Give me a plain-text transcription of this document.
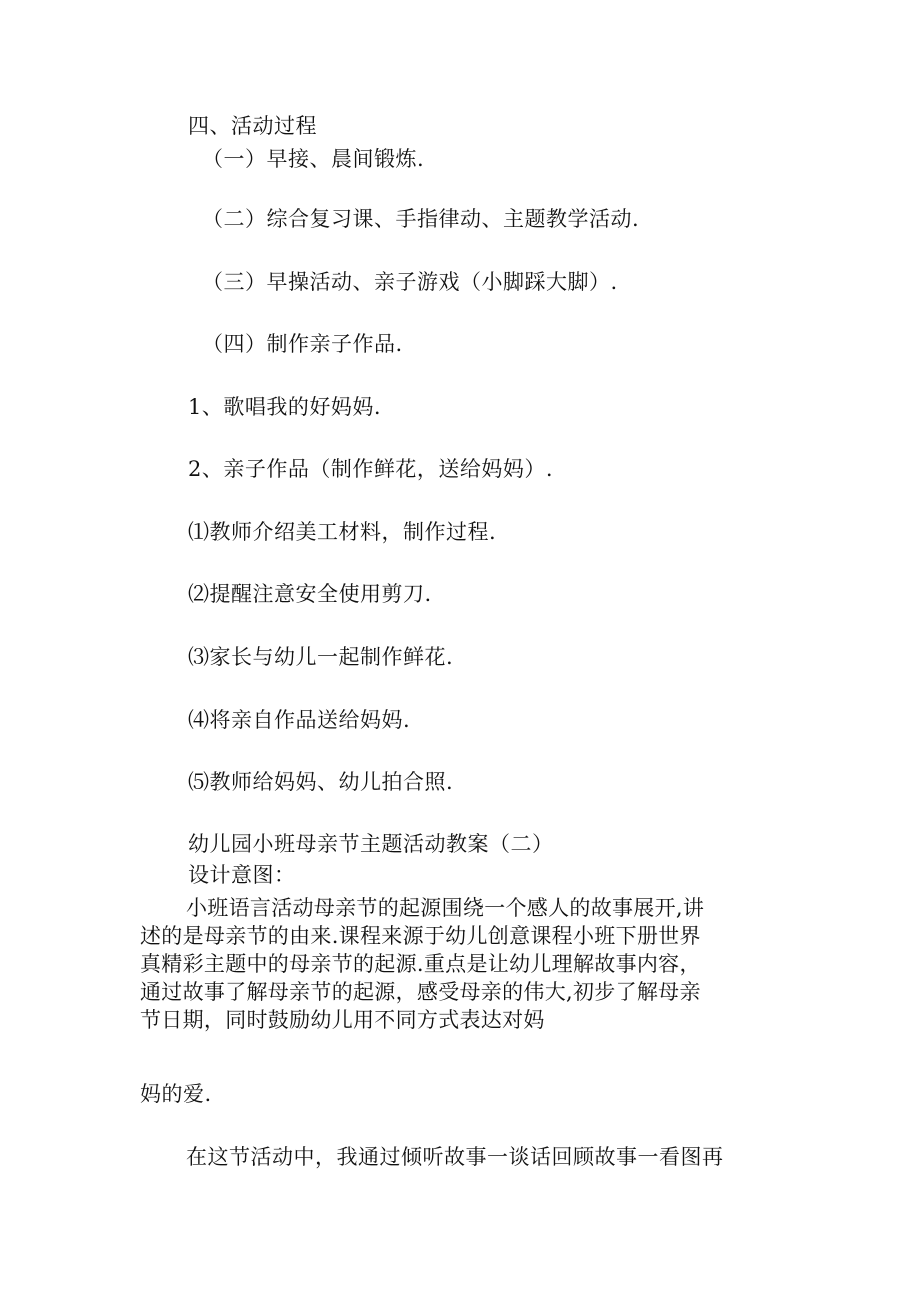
四、活动过程
（一）早接、晨间锻炼.
（二）综合复习课、手指律动、主题教学活动.
（三）早操活动、亲子游戏（小脚踩大脚）.
（四）制作亲子作品.
1、歌唱我的好妈妈.
2、亲子作品（制作鲜花，送给妈妈）.
⑴教师介绍美工材料，制作过程.
⑵提醒注意安全使用剪刀.
⑶家长与幼儿一起制作鲜花.
⑷将亲自作品送给妈妈.
⑸教师给妈妈、幼儿拍合照.
幼儿园小班母亲节主题活动教案（二）
设计意图：
小班语言活动母亲节的起源围绕一个感人的故事展开,讲
述的是母亲节的由来.课程来源于幼儿创意课程小班下册世界
真精彩主题中的母亲节的起源.重点是让幼儿理解故事内容，
通过故事了解母亲节的起源，感受母亲的伟大,初步了解母亲
节日期，同时鼓励幼儿用不同方式表达对妈
妈的爱.
在这节活动中，我通过倾听故事一谈话回顾故事一看图再
